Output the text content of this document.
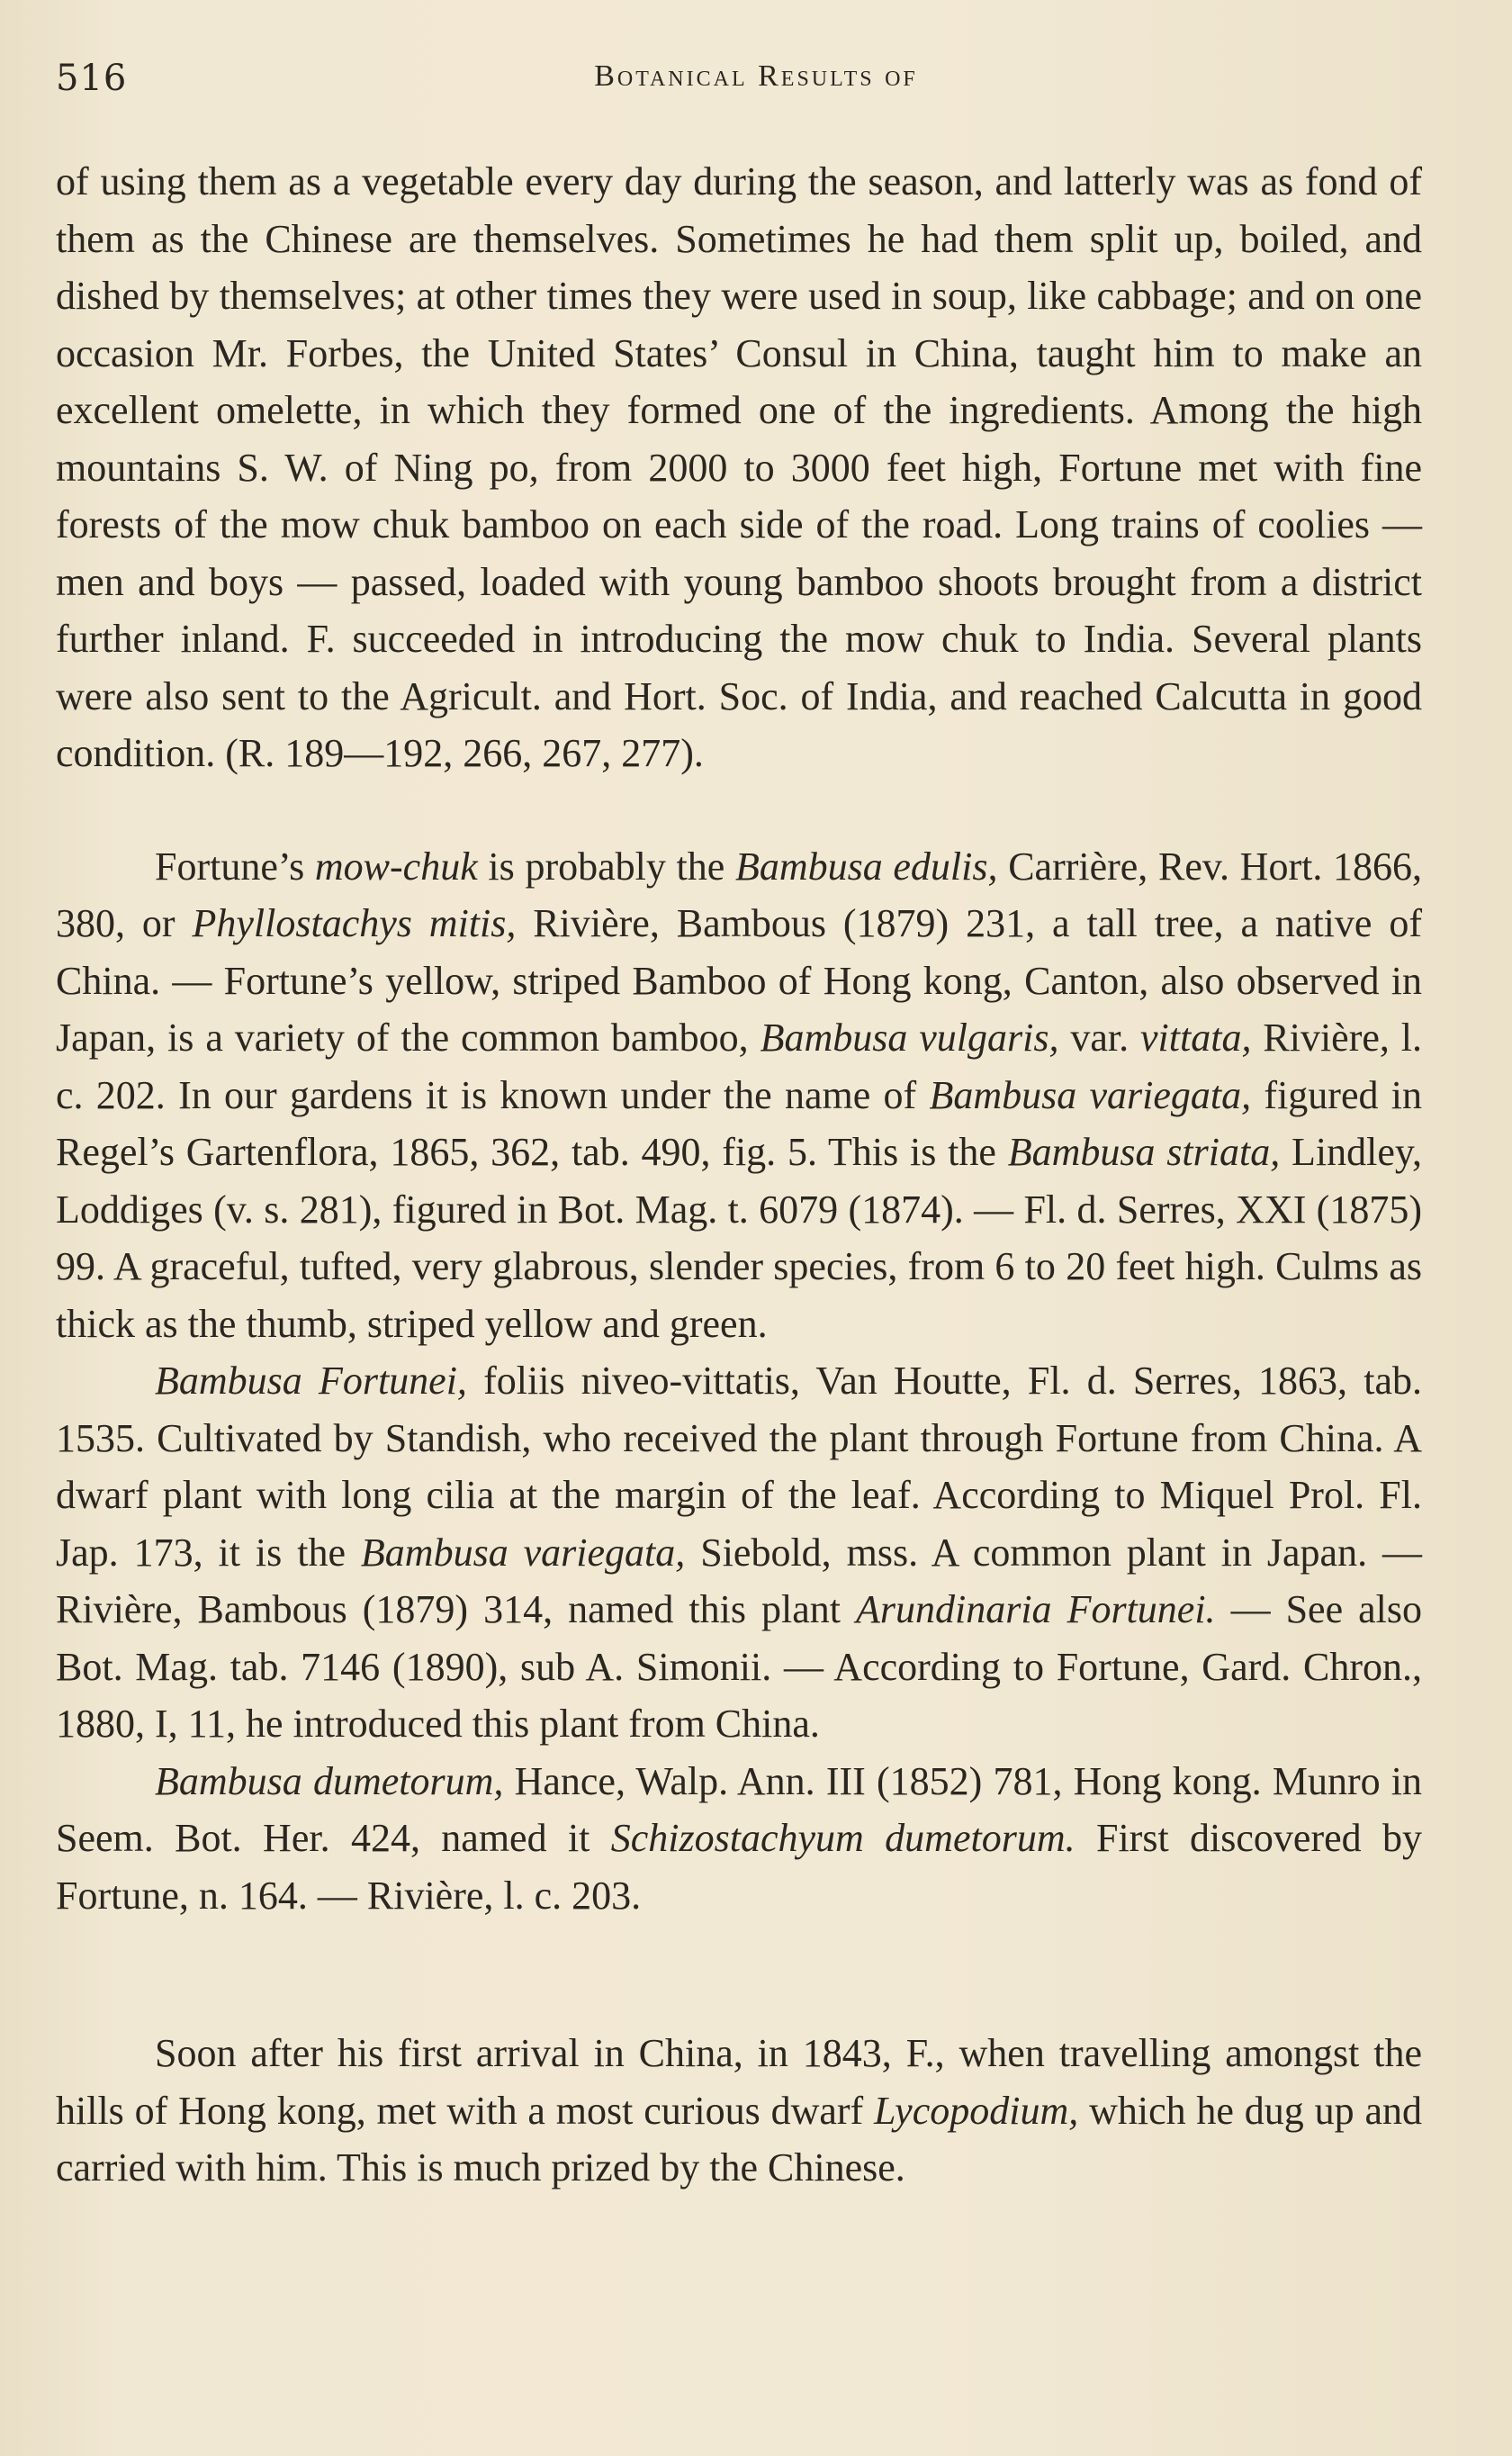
516	Botanical Results of

of using them as a vegetable every day during the season, and latterly was as fond of them as the Chinese are themselves. Sometimes he had them split up, boiled, and dished by themselves; at other times they were used in soup, like cabbage; and on one occasion Mr. Forbes, the United States’ Consul in China, taught him to make an excellent omelette, in which they formed one of the ingredients. Among the high mountains S. W. of Ning po, from 2000 to 3000 feet high, Fortune met with fine forests of the mow chuk bamboo on each side of the road. Long trains of coolies — men and boys — passed, loaded with young bamboo shoots brought from a district further inland. F. succeeded in introducing the mow chuk to India. Several plants were also sent to the Agricult. and Hort. Soc. of India, and reached Calcutta in good condition. (R. 189—192, 266, 267, 277).

Fortune’s mow-chuk is probably the Bambusa edulis, Carrière, Rev. Hort. 1866, 380, or Phyllostachys mitis, Rivière, Bambous (1879) 231, a tall tree, a native of China. — Fortune’s yellow, striped Bamboo of Hong kong, Canton, also observed in Japan, is a variety of the common bamboo, Bambusa vulgaris, var. vittata, Rivière, l. c. 202. In our gardens it is known under the name of Bambusa variegata, figured in Regel’s Gartenflora, 1865, 362, tab. 490, fig. 5. This is the Bambusa striata, Lindley, Loddiges (v. s. 281), figured in Bot. Mag. t. 6079 (1874). — Fl. d. Serres, XXI (1875) 99. A graceful, tufted, very glabrous, slender species, from 6 to 20 feet high. Culms as thick as the thumb, striped yellow and green.

Bambusa Fortunei, foliis niveo-vittatis, Van Houtte, Fl. d. Serres, 1863, tab. 1535. Cultivated by Standish, who received the plant through Fortune from China. A dwarf plant with long cilia at the margin of the leaf. According to Miquel Prol. Fl. Jap. 173, it is the Bambusa variegata, Siebold, mss. A common plant in Japan. — Rivière, Bambous (1879) 314, named this plant Arundinaria Fortunei. — See also Bot. Mag. tab. 7146 (1890), sub A. Simonii. — According to Fortune, Gard. Chron., 1880, I, 11, he introduced this plant from China.

Bambusa dumetorum, Hance, Walp. Ann. III (1852) 781, Hong kong. Munro in Seem. Bot. Her. 424, named it Schizostachyum dumetorum. First discovered by Fortune, n. 164. — Rivière, l. c. 203.

Soon after his first arrival in China, in 1843, F., when travelling amongst the hills of Hong kong, met with a most curious dwarf Lycopodium, which he dug up and carried with him. This is much prized by the Chinese.
